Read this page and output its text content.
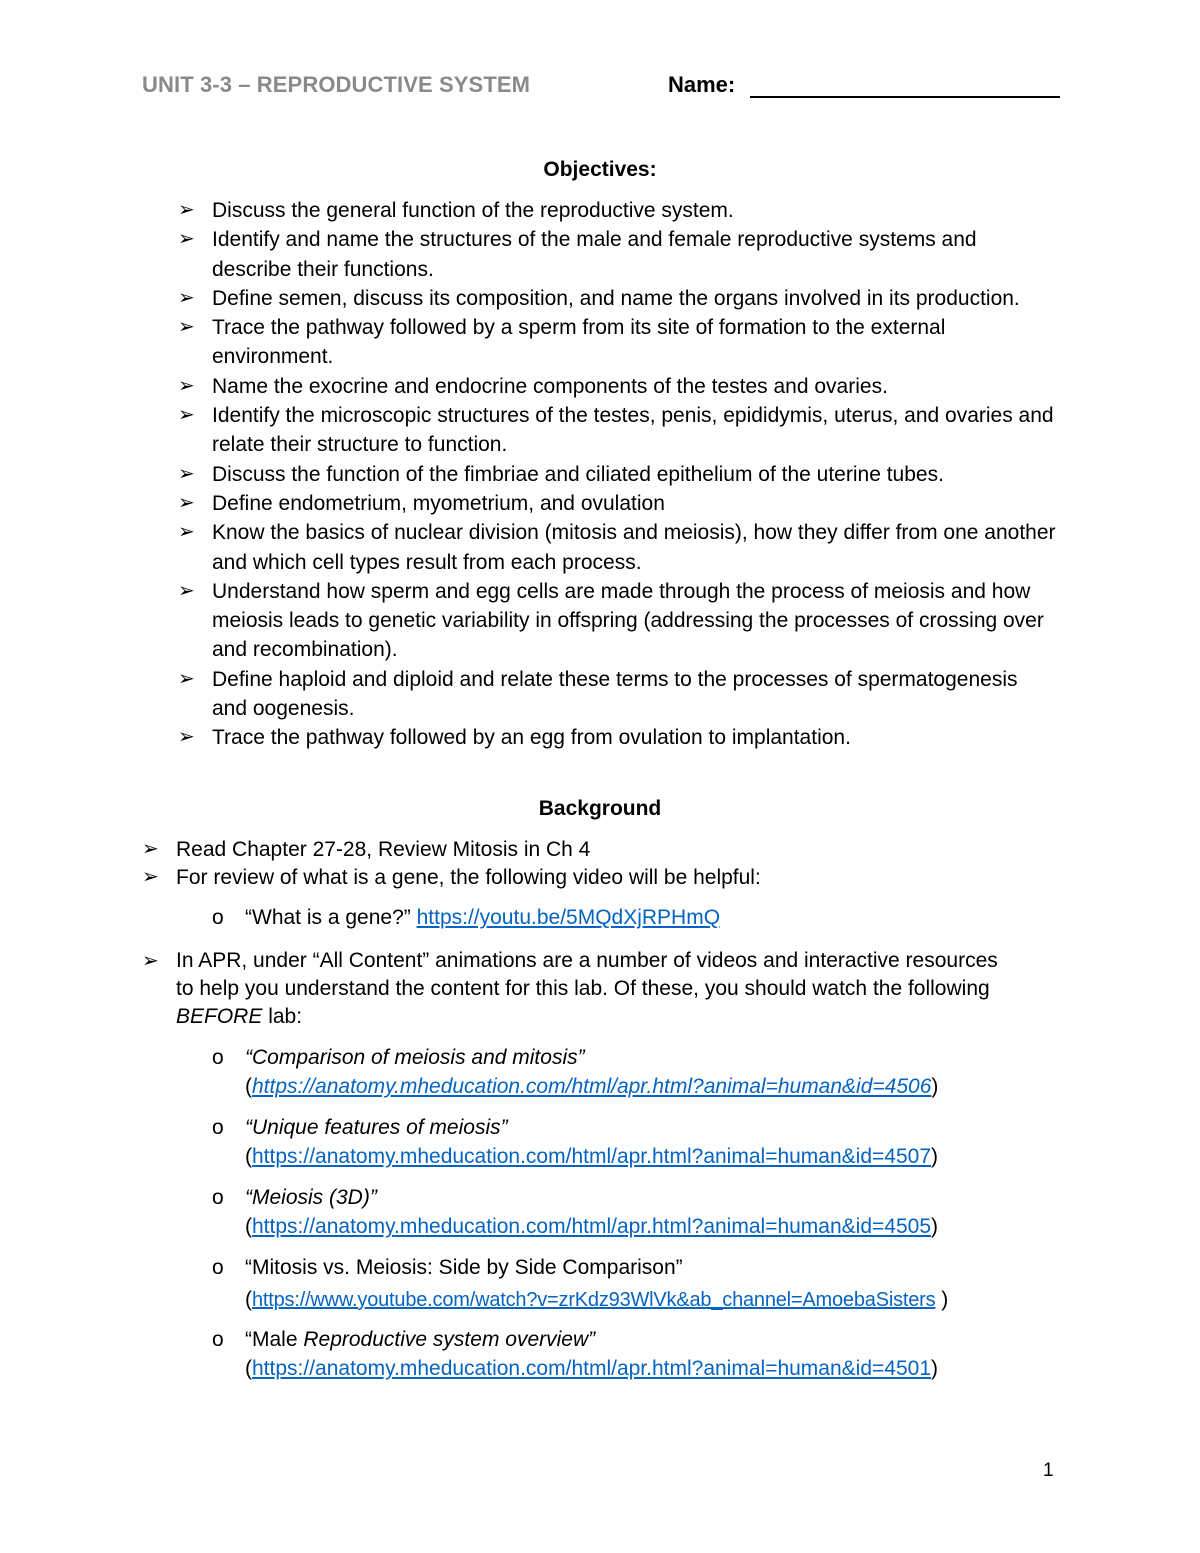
UNIT 3-3 – REPRODUCTIVE SYSTEM	Name:
Objectives:
➢ Discuss the general function of the reproductive system.
➢ Identify and name the structures of the male and female reproductive systems and describe their functions.
➢ Define semen, discuss its composition, and name the organs involved in its production.
➢ Trace the pathway followed by a sperm from its site of formation to the external environment.
➢ Name the exocrine and endocrine components of the testes and ovaries.
➢ Identify the microscopic structures of the testes, penis, epididymis, uterus, and ovaries and relate their structure to function.
➢ Discuss the function of the fimbriae and ciliated epithelium of the uterine tubes.
➢ Define endometrium, myometrium, and ovulation
➢ Know the basics of nuclear division (mitosis and meiosis), how they differ from one another and which cell types result from each process.
➢ Understand how sperm and egg cells are made through the process of meiosis and how meiosis leads to genetic variability in offspring (addressing the processes of crossing over and recombination).
➢ Define haploid and diploid and relate these terms to the processes of spermatogenesis and oogenesis.
➢ Trace the pathway followed by an egg from ovulation to implantation.
Background
➢ Read Chapter 27-28, Review Mitosis in Ch 4
➢ For review of what is a gene, the following video will be helpful:
o “What is a gene?” https://youtu.be/5MQdXjRPHmQ
➢ In APR, under “All Content” animations are a number of videos and interactive resources to help you understand the content for this lab. Of these, you should watch the following BEFORE lab:
o “Comparison of meiosis and mitosis”
(https://anatomy.mheducation.com/html/apr.html?animal=human&id=4506)
o “Unique features of meiosis”
(https://anatomy.mheducation.com/html/apr.html?animal=human&id=4507)
o “Meiosis (3D)”
(https://anatomy.mheducation.com/html/apr.html?animal=human&id=4505)
o “Mitosis vs. Meiosis: Side by Side Comparison”
(https://www.youtube.com/watch?v=zrKdz93WlVk&ab_channel=AmoebaSisters )
o “Male Reproductive system overview”
(https://anatomy.mheducation.com/html/apr.html?animal=human&id=4501)
1
